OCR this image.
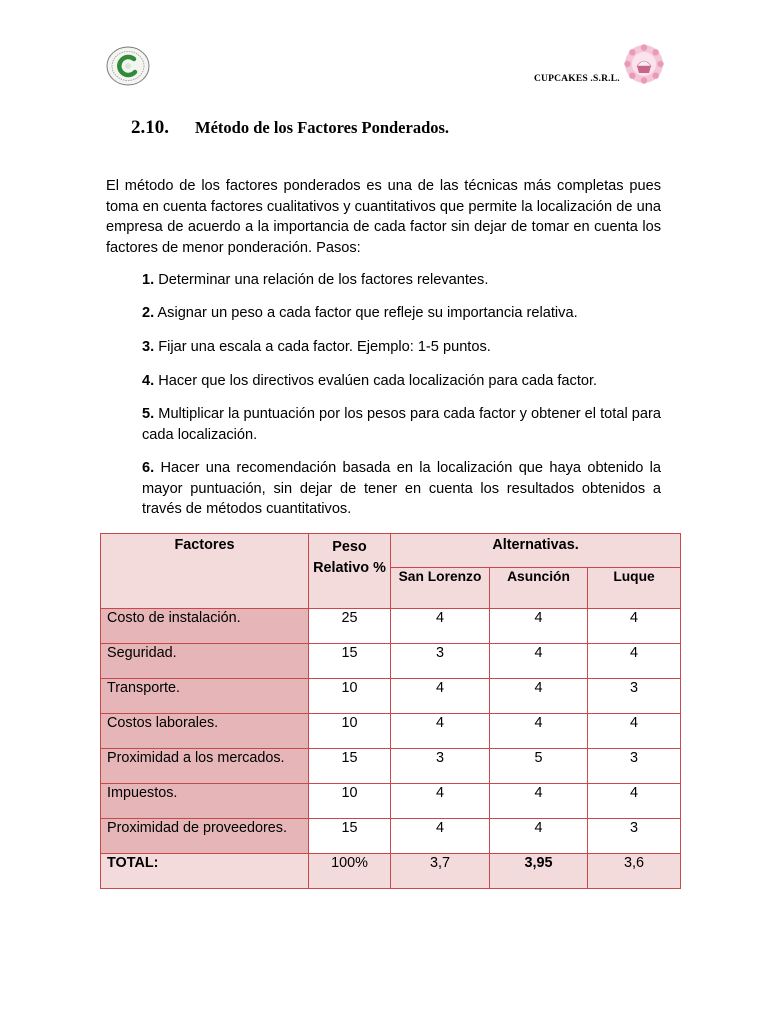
CUPCAKES .S.R.L.
2.10. Método de los Factores Ponderados.
El método de los factores ponderados es una de las técnicas más completas pues toma en cuenta factores cualitativos y cuantitativos que permite la localización de una empresa de acuerdo a la importancia de cada factor sin dejar de tomar en cuenta los factores de menor ponderación. Pasos:
1. Determinar una relación de los factores relevantes.
2. Asignar un peso a cada factor que refleje su importancia relativa.
3. Fijar una escala a cada factor. Ejemplo: 1-5 puntos.
4. Hacer que los directivos evalúen cada localización para cada factor.
5. Multiplicar la puntuación por los pesos para cada factor y obtener el total para cada localización.
6. Hacer una recomendación basada en la localización que haya obtenido la mayor puntuación, sin dejar de tener en cuenta los resultados obtenidos a través de métodos cuantitativos.
Factores	Peso Relativo %	Alternativas.		
		San Lorenzo	Asunción	Luque
Costo de instalación.	25	4	4	4
Seguridad.	15	3	4	4
Transporte.	10	4	4	3
Costos laborales.	10	4	4	4
Proximidad a los mercados.	15	3	5	3
Impuestos.	10	4	4	4
Proximidad de proveedores.	15	4	4	3
TOTAL:	100%	3,7	3,95	3,6
